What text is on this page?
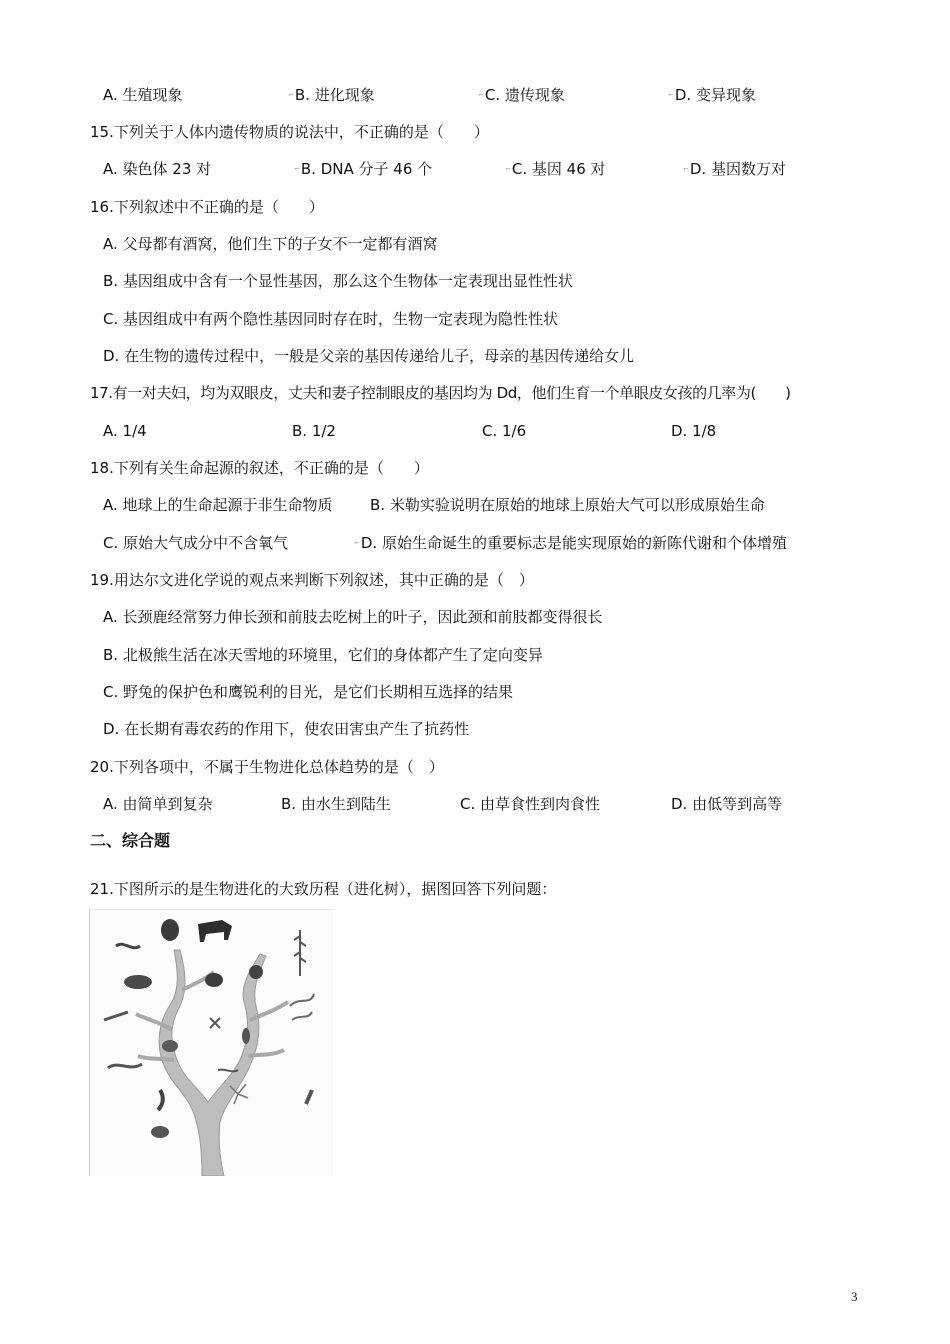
A. 生殖现象	⌐B. 进化现象	⌐C. 遗传现象	⌐D. 变异现象
15.下列关于人体内遗传物质的说法中，不正确的是（　　）
A. 染色体 23 对	⌐B. DNA 分子 46 个	⌐C. 基因 46 对	⌐D. 基因数万对
16.下列叙述中不正确的是（　　）
A. 父母都有酒窝，他们生下的子女不一定都有酒窝
B. 基因组成中含有一个显性基因，那么这个生物体一定表现出显性性状
C. 基因组成中有两个隐性基因同时存在时，生物一定表现为隐性性状
D. 在生物的遗传过程中，一般是父亲的基因传递给儿子，母亲的基因传递给女儿
17.有一对夫妇，均为双眼皮，丈夫和妻子控制眼皮的基因均为 Dd，他们生育一个单眼皮女孩的几率为(　　)
A. 1/4	B. 1/2	C. 1/6	D. 1/8
18.下列有关生命起源的叙述，不正确的是（　　）
A. 地球上的生命起源于非生命物质 B. 米勒实验说明在原始的地球上原始大气可以形成原始生命
C. 原始大气成分中不含氧气	⌐D. 原始生命诞生的重要标志是能实现原始的新陈代谢和个体增殖
19.用达尔文进化学说的观点来判断下列叙述，其中正确的是（　）
A. 长颈鹿经常努力伸长颈和前肢去吃树上的叶子，因此颈和前肢都变得很长
B. 北极熊生活在冰天雪地的环境里，它们的身体都产生了定向变异
C. 野兔的保护色和鹰锐利的目光，是它们长期相互选择的结果
D. 在长期有毒农药的作用下，使农田害虫产生了抗药性
20.下列各项中，不属于生物进化总体趋势的是（　）
A. 由简单到复杂	B. 由水生到陆生	C. 由草食性到肉食性	D. 由低等到高等
二、综合题
21.下图所示的是生物进化的大致历程（进化树），据图回答下列问题：
3
